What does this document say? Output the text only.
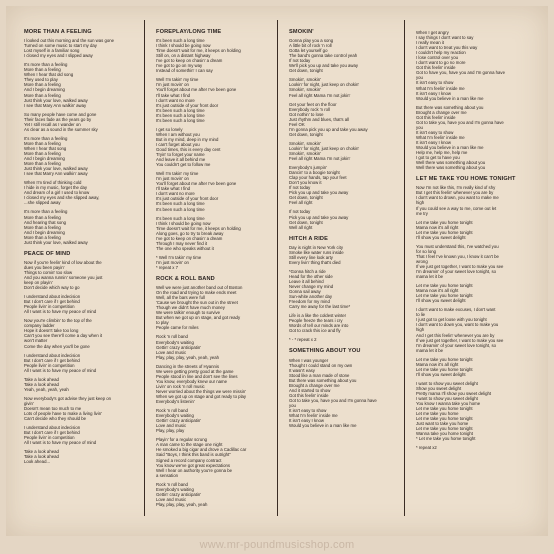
MORE THAN A FEELING
I looked out this morning and the sun was gone
Turned on some music to start my day
Lost myself in a familiar song
I closed my eyes and I slipped away
It's more than a feeling
More than a feeling
When I hear that old song
They used to play
More than a feeling
And I begin dreaming
More than a feeling
Just think your love, walked away
I see that Mary Ann walkin' away
So many people have come and gone
Their faces fade as the years go by
Yet I still recall as I wander on
As clear as a sound in the summer sky
It's more than a feeling
More than a feeling
When I hear that song
More than a feeling
And I begin dreaming
More than a feeling
Just think your love, walked away
I see that Marry Ann walkin' away
When I'm tired of thinking cold
I hide in my music, forget the day
And dream of a girl I used to know
I closed my eyes and she slipped away,
...she slipped away
It's more than a feeling
More than a feeling
And hearing that song
More than a feeling
And I begin dreaming
More than a feeling
Just think your love, walked away
PEACE OF MIND
Now if you're feelin' kind of low about the
dues you been payin'
Things to comin' too slow
And you wanna runnin' someone you just
keep on playin'
Don't decide which way to go
I understand about indecision
But I don't care if I get behind
People livin' in competition
All I want is to have my peace of mind
Now you're climbin' to the top of the
company ladder
Hope it doesn't take too long
Can't you see there'll come a day when it
won't matter
Come the day when you'll be gone
I understand about indecision
But I don't care if I get behind
People livin' in competition
All I want is to have my peace of mind
Take a look ahead
Take a look ahead
Yeah, yeah, yeah, yeah
Now everybody's got advise they just keep on
givin'
Doesn't mean too much to me
Lots of people have to make a living livin'
Can't decide who they should be
I understand about indecision
But I don't care if I get behind
People livin' in competition
All I want is to have my peace of mind
Take a look ahead
Take a look ahead
Look ahead...
FOREPLAY/LONG TIME
It's been such a long time
I think I should be going now
Time doesn't wait for me, it keeps on holding
Still on, on a distant highway
I've got to keep on chasin' a dream
I've got to go on my way
Instead of somethin' I can say
Well I'm takin' my time
I'm just movin' on
You'll forget about me after I've been gone
I'll take what I find
I don't want no more
It's just outside of your front door
It's been such a long time
It's been such a long time
It's been such a long time
I get so lonely
When I am without you
But in my mind, deep in my mind
I can't forget about you
Good times, this is every day cent
Tryin' to forget your name
And leave it all behind me
You couldn't get to follow me
Well I'm takin' my time
I'm just movin' on
You'll forget about me after I've been gone
I'll take what I find
I don't want no more
It's just outside of your front door
It's been such a long time
It's been such a long time
It's been such a long time
I think I should be going now
Time doesn't wait for me, it keeps on holding
Along goes, go to try to break away
I've got to keep on chasin' a dream
Through I may never find it
The one who speaks without it
* Well I'm takin' my time
I'm just movin' on
* repeat x 7
ROCK & ROLL BAND
Well we were just another band out of Boston
On the road and trying to make ends meet
Well, all the bars were full
'Cause we brought the sun out in the street
Though we didn't have much money
We were talkin' enough to survive
But when we got up on stage, and got ready
to play
People came for miles
Rock 'n roll band
Everybody's waiting
Gettin' crazy anticipatin'
Love and music
Play, play, play, yeah, yeah, yeah
Dancing in the streets of Hyannis
We were getting pretty good at the game
People stood in line and don't see the lines
You know, everybody knew our name
Livin' on rock 'n roll music
Never worried about the things we were missin'
When we got up on stage and got ready to play
Everybody's listenin'
Rock 'n roll band
Everybody's waiting
Gettin' crazy anticipatin'
Love and music
Play, play, play
Playin' for a regular scrung
A man came to the stage one night
He smoked a big cigar and drove a Cadillac car
Said "Boys, I think this band is outright"
Signed a record company contract
You know we've got great expectations
Well I hear on authority you're gonna be
a sensation
Rock 'n roll band
Everybody's waiting
Gettin' crazy anticipatin'
Love and music
Play, play, play, yeah, yeah
SMOKIN'
Gonna play you a song
A little bit of rock 'n roll
Gotta let yourself go
The band's gonna take control yeah
If not today
We'll pick you up and take you away
Get down, tonight
Smokin', smokin'
Lookin' for night, just keep on chokin'
Smokin', smokin'
Feel all right Mama I'm not jokin'
Get your feet on the floor
Everybody rock 'n roll
Got nothin' to lose
Just rhythm and blues, that's all
Feel OK
I'm gonna pick you up and take you away
Get down, tonight
Smokin', smokin'
Lookin' for night, just keep on chokin'
Smokin', smokin'
Feel all right Mama I'm not jokin'
Everybody's jumpin'
Dancin' to a boogie tonight
Clap your hands, tap your feet
Don't you know it
If not today
Pick you up and take you away
Get down, tonight
Feel all right
If not today
Pick you up and take you away
Get down, tonight
Well all right
HITCH A RIDE
Day is night in New York city
Smoke like water runs inside
Still every line look arty
Every livin' thing that's died
*Gonna hitch a ride
Head for the other side
Leave it all behind
Never change my mind
Gonna sail away
Sun-white another day
Freedom for my mind
Carry me away for the last time*
Life is a like the coldest winter
People freeze the tears i cry
Words of tell our minds are into
Got to crack this ice and fly
* - * repeat x 2
SOMETHING ABOUT YOU
When I was younger
Thought I could stand on my own
It wasn't easy
Stood like a man made of stone
But there was something about you
Brought a change over me
And it started to show
Got this feelin' inside
Got to take you, have you and I'm gonna have
you
It isn't easy to show
What I'm feelin' inside me
It isn't easy I know
Would you believe in a man like me
When I get angry
I say things I don't want to say
I really mean it
I don't want to treat you this way
I couldn't help my reaction
I lose control over you
I don't want to go no more
Got this feelin' inside
Got to have you, have you and I'm gonna have
you
It isn't easy to show
What I'm feelin' inside me
It isn't easy I know
Would you believe in a man like me
But there was something about you
Brought a change over me
Got this feelin' inside
Got to take you, have you and I'm gonna have
you
It isn't easy to show
What I'm feelin' inside me
It isn't easy I know
Would you believe in a man like me
Help me, help me, help me
I got to get to have you
Well there was something about you
Well there was something about you
LET ME TAKE YOU HOME TONIGHT
Now I'm not like this, I'm really kind of shy
But I get this feelin' whenever you are by
I don't want to drown, you want to make me
high
If you could see a way to me, come out let
me try
Let me take you home tonight
Mama now it's all right
Let me take you home tonight
I'll show you sweet delight
You must understand this, I've watched you
for so long
That I feel I've known you, I know it can't be
wrong
If we just get together, I want to make you see
I'm dreamin' of your sweet love tonight, so
mama let it be
Let me take you home tonight
Mama now it's all right
Let me take you home tonight
I'll show you sweet delight
I don't want to make excuses, I don't want
to lie
I just got to get loose with you tonight
I don't want to down you, want to make you
high
And I get this feelin' whenever you are by
If we just get together, I want to make you see
I'm dreamin' of your sweet love tonight, so
mama let it be
Let me take you home tonight
Mama now it's all right
Let me take you home tonight
I'll show you sweet delight
I want to show you sweet delight
Show you sweet delight
Pretty mama I'll show you sweet delight
I want to show you sweet delight
You know I wanna take you home
Let me take you home tonight
Let me take you home
Let me take you home tonight
Just want to take you home
Let me take you home tonight
Wanna take you home tonight
* Let me take you home tonight
* repeat x2
www.mr-poundmusicshop.com
